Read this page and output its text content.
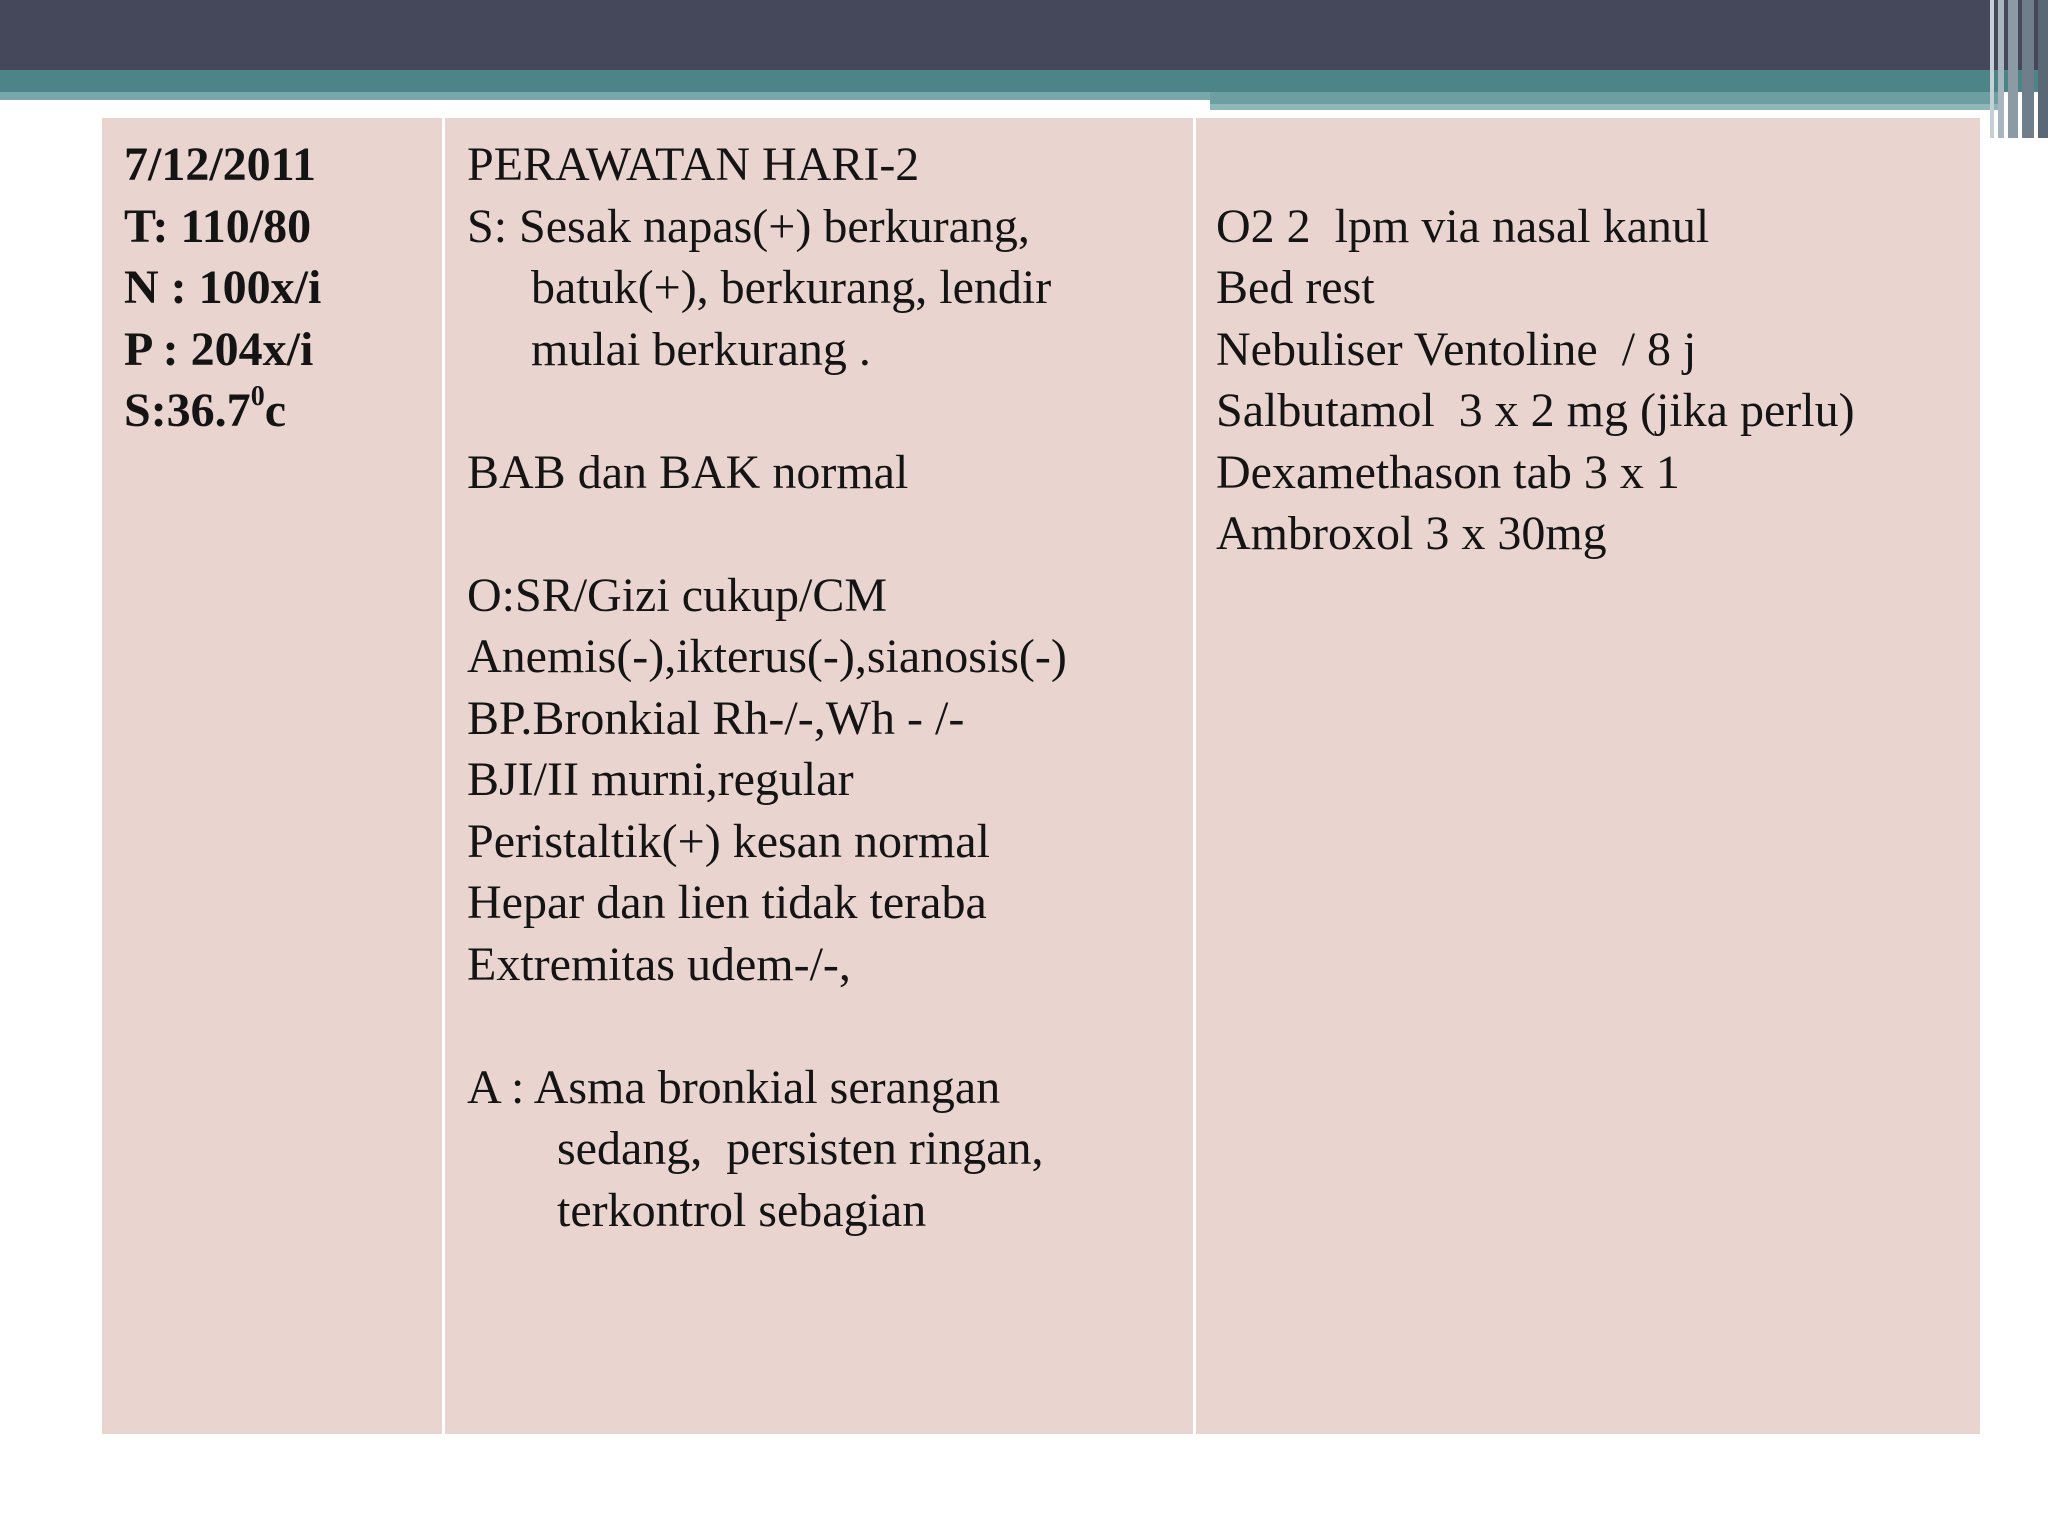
7/12/2011
T: 110/80
N : 100x/i
P : 204x/i
S:36.7$^0$c
PERAWATAN HARI-2
S: Sesak napas(+) berkurang,
batuk(+), berkurang, lendir
mulai berkurang .
BAB dan BAK normal
O:SR/Gizi cukup/CM
Anemis(-),ikterus(-),sianosis(-)
BP.Bronkial Rh-/-,Wh - /-
BJI/II murni,regular
Peristaltik(+) kesan normal
Hepar dan lien tidak teraba
Extremitas udem-/-,
A : Asma bronkial serangan
sedang,  persisten ringan,
terkontrol sebagian
O2 2  lpm via nasal kanul
Bed rest
Nebuliser Ventoline  / 8 j
Salbutamol  3 x 2 mg (jika perlu)
Dexamethason tab 3 x 1
Ambroxol 3 x 30mg
